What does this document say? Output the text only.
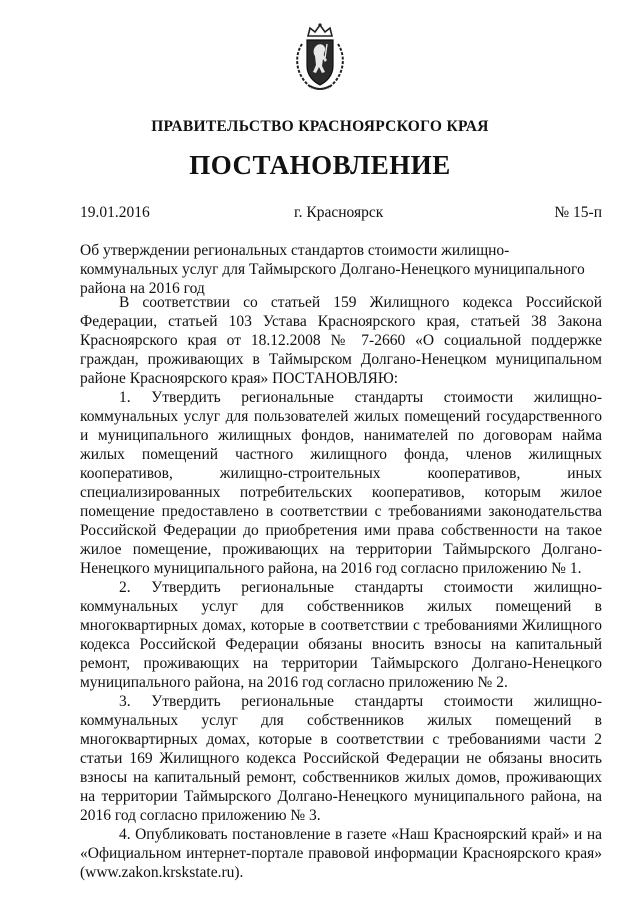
ПРАВИТЕЛЬСТВО КРАСНОЯРСКОГО КРАЯ
ПОСТАНОВЛЕНИЕ
19.01.2016	г. Красноярск	№ 15-п
Об утверждении региональных стандартов стоимости жилищно-коммунальных услуг для Таймырского Долгано-Ненецкого муниципального района на 2016 год

В соответствии со статьей 159 Жилищного кодекса Российской Федерации, статьей 103 Устава Красноярского края, статьей 38 Закона Красноярского края от 18.12.2008 № 7-2660 «О социальной поддержке граждан, проживающих в Таймырском Долгано-Ненецком муниципальном районе Красноярского края» ПОСТАНОВЛЯЮ:

1. Утвердить региональные стандарты стоимости жилищно-коммунальных услуг для пользователей жилых помещений государственного и муниципального жилищных фондов, нанимателей по договорам найма жилых помещений частного жилищного фонда, членов жилищных кооперативов, жилищно-строительных кооперативов, иных специализированных потребительских кооперативов, которым жилое помещение предоставлено в соответствии с требованиями законодательства Российской Федерации до приобретения ими права собственности на такое жилое помещение, проживающих на территории Таймырского Долгано-Ненецкого муниципального района, на 2016 год согласно приложению № 1.

2. Утвердить региональные стандарты стоимости жилищно-коммунальных услуг для собственников жилых помещений в многоквартирных домах, которые в соответствии с требованиями Жилищного кодекса Российской Федерации обязаны вносить взносы на капитальный ремонт, проживающих на территории Таймырского Долгано-Ненецкого муниципального района, на 2016 год согласно приложению № 2.

3. Утвердить региональные стандарты стоимости жилищно-коммунальных услуг для собственников жилых помещений в многоквартирных домах, которые в соответствии с требованиями части 2 статьи 169 Жилищного кодекса Российской Федерации не обязаны вносить взносы на капитальный ремонт, собственников жилых домов, проживающих на территории Таймырского Долгано-Ненецкого муниципального района, на 2016 год согласно приложению № 3.

4. Опубликовать постановление в газете «Наш Красноярский край» и на «Официальном интернет-портале правовой информации Красноярского края» (www.zakon.krskstate.ru).
